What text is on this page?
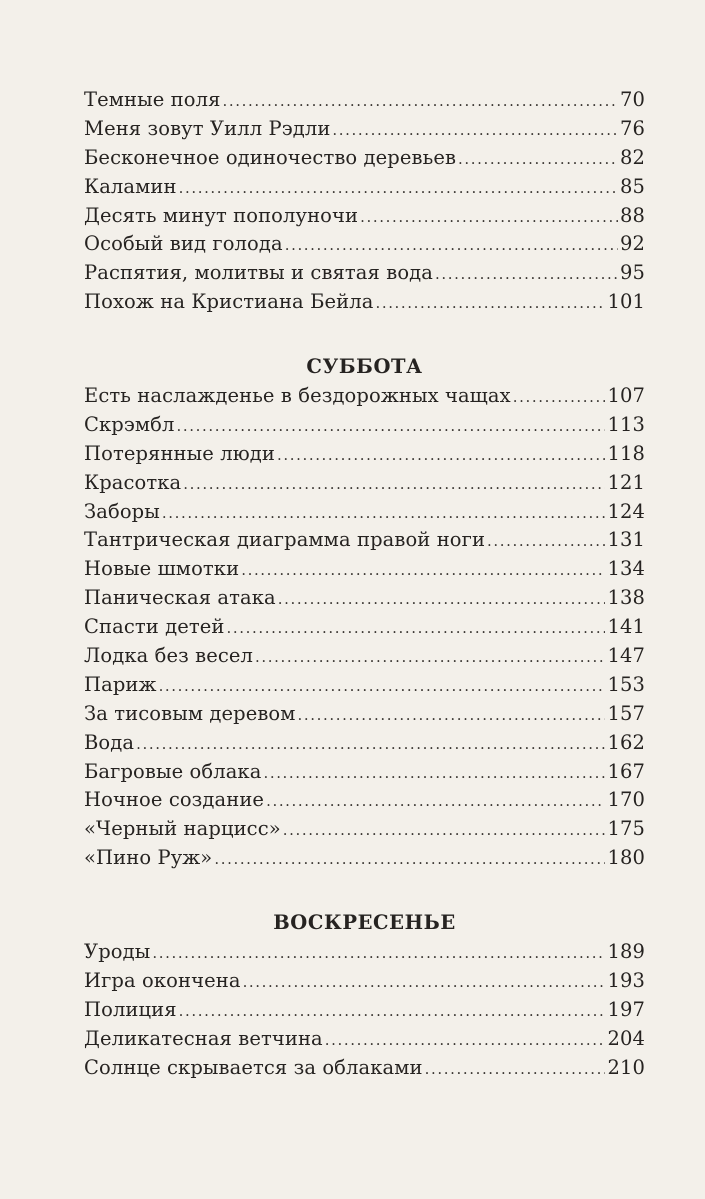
Темные поля .....	70
Меня зовут Уилл Рэдли .....	76
Бесконечное одиночество деревьев .....	82
Каламин .....	85
Десять минут пополуночи .....	88
Особый вид голода .....	92
Распятия, молитвы и святая вода .....	95
Похож на Кристиана Бейла .....	101
СУББОТА
Есть наслажденье в бездорожных чащах .....	107
Скрэмбл .....	113
Потерянные люди .....	118
Красотка .....	121
Заборы .....	124
Тантрическая диаграмма правой ноги .....	131
Новые шмотки .....	134
Паническая атака .....	138
Спасти детей .....	141
Лодка без весел .....	147
Париж .....	153
За тисовым деревом .....	157
Вода .....	162
Багровые облака .....	167
Ночное создание .....	170
«Черный нарцисс» .....	175
«Пино Руж» .....	180
ВОСКРЕСЕНЬЕ
Уроды .....	189
Игра окончена .....	193
Полиция .....	197
Деликатесная ветчина .....	204
Солнце скрывается за облаками .....	210
